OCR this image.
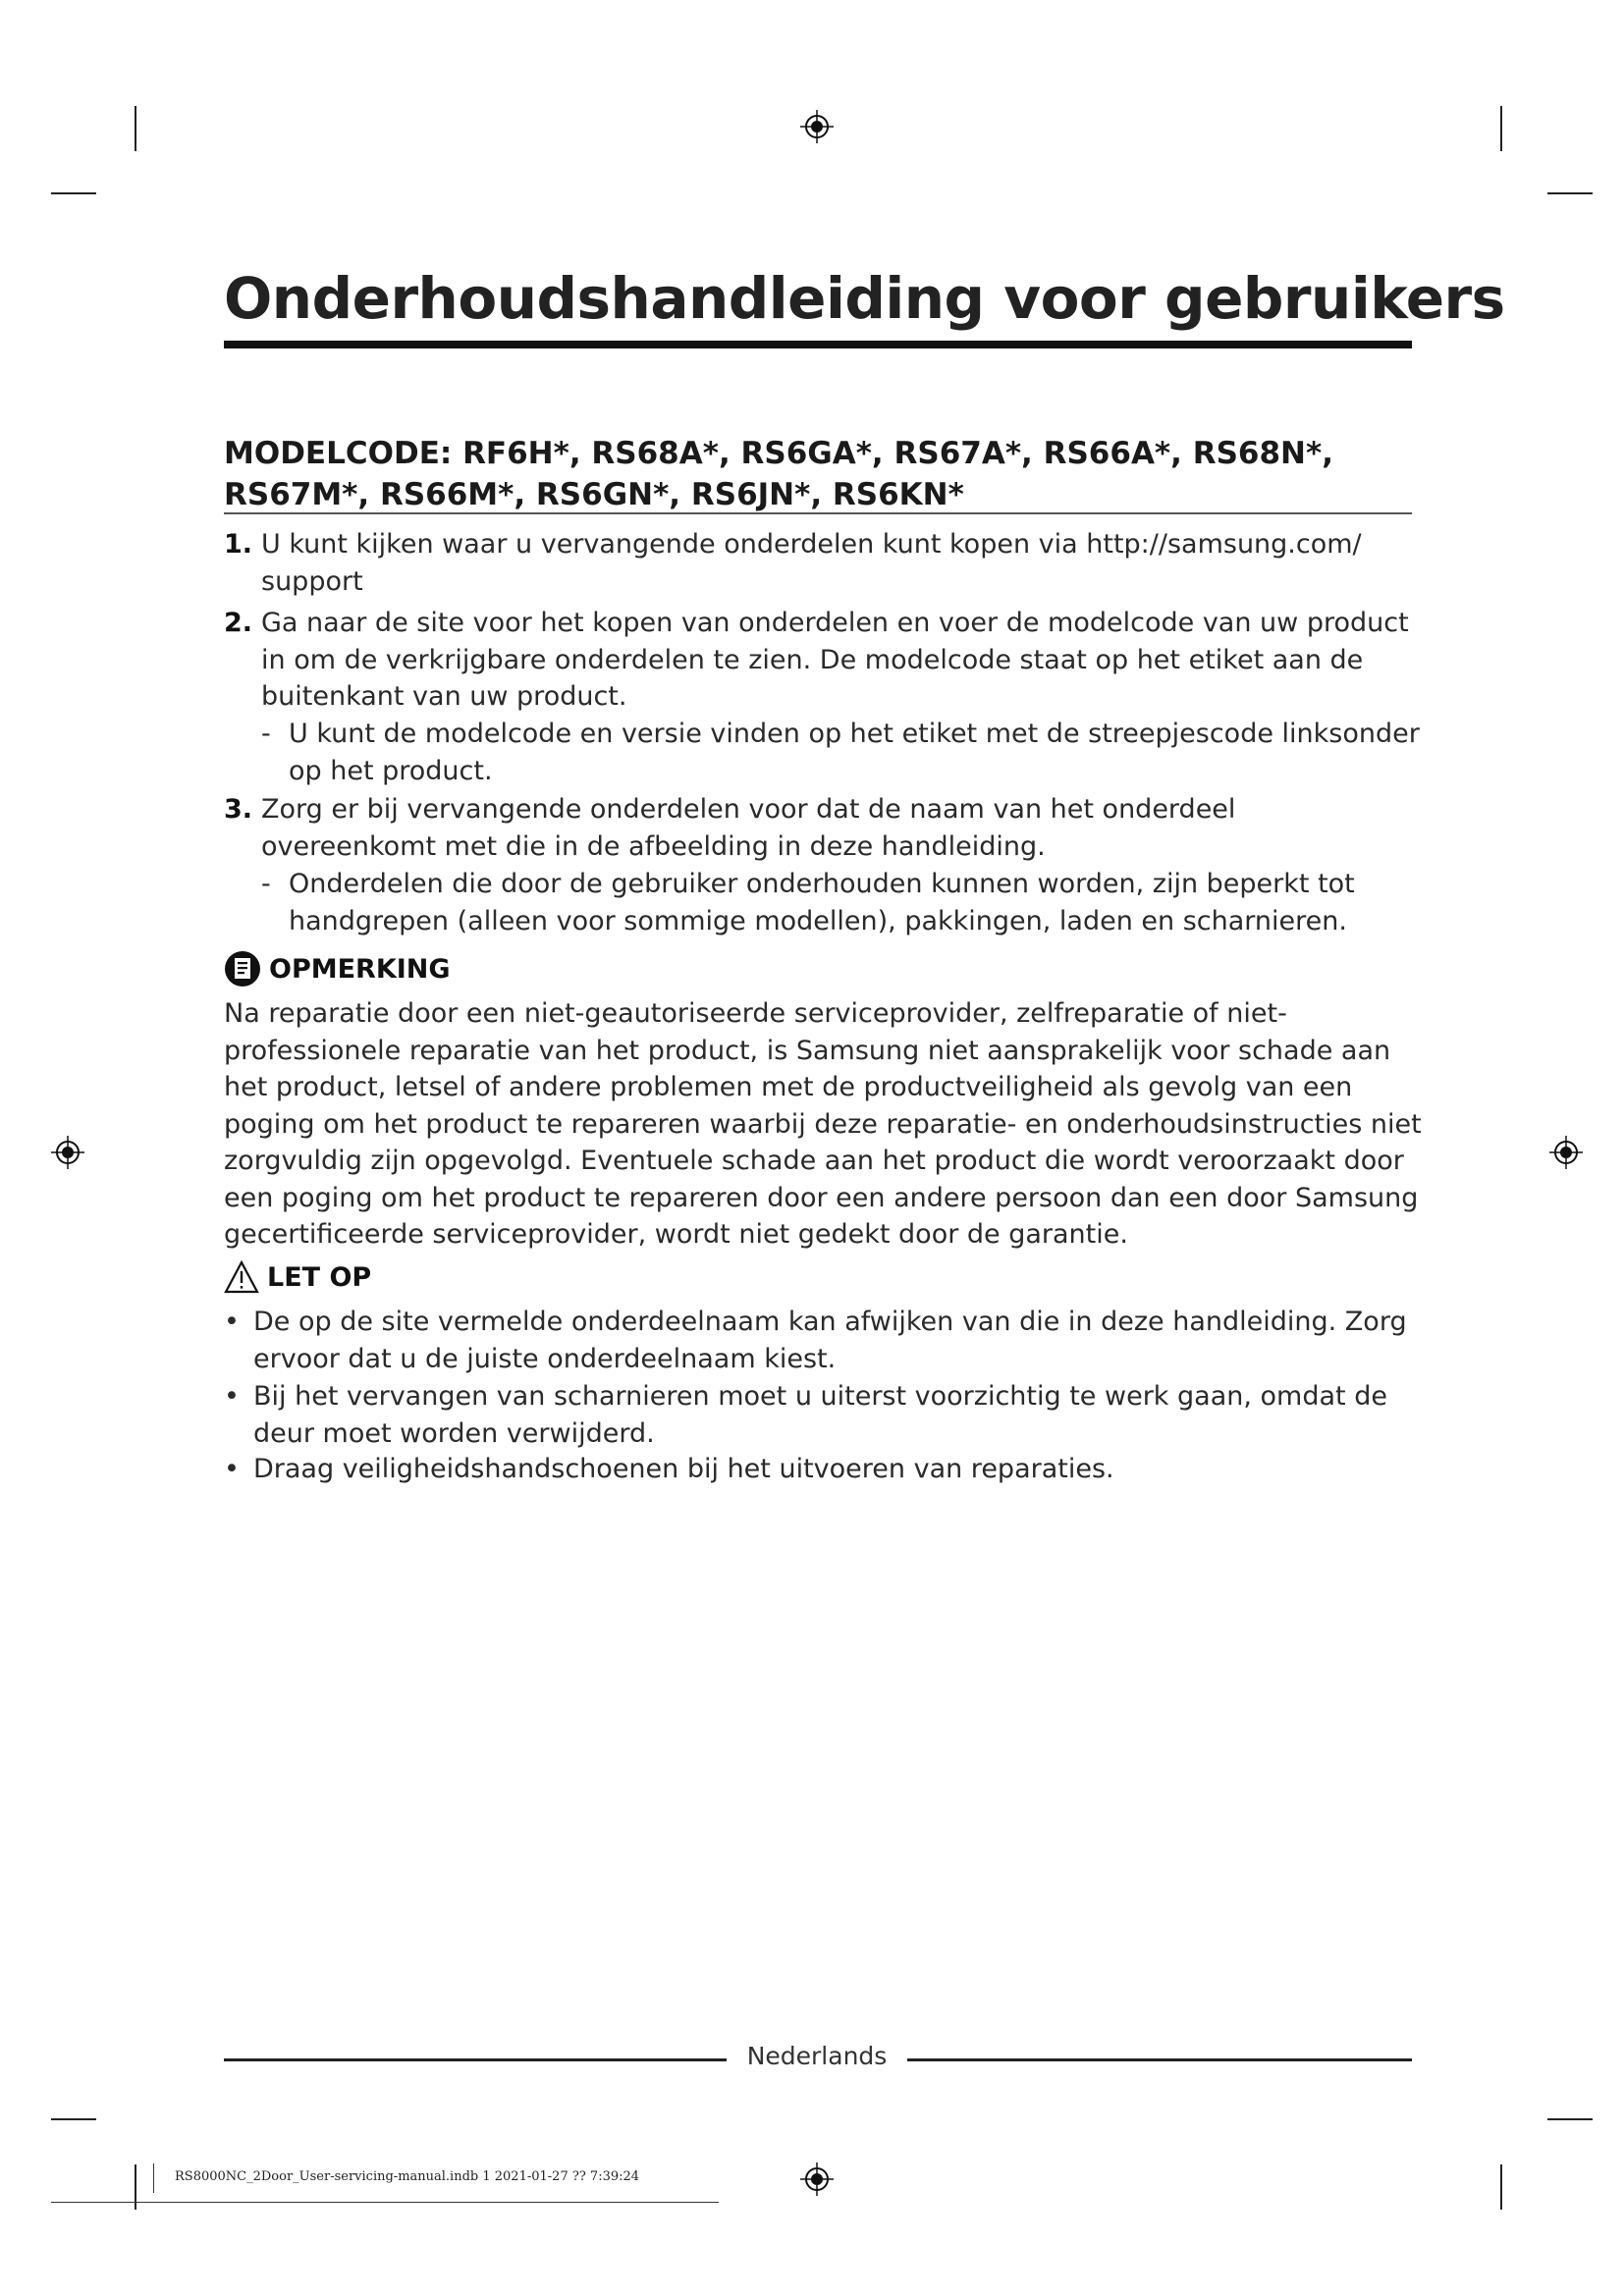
Onderhoudshandleiding voor gebruikers
MODELCODE: RF6H*, RS68A*, RS6GA*, RS67A*, RS66A*, RS68N*, RS67M*, RS66M*, RS6GN*, RS6JN*, RS6KN*
1. U kunt kijken waar u vervangende onderdelen kunt kopen via http://samsung.com/ support
2. Ga naar de site voor het kopen van onderdelen en voer de modelcode van uw product in om de verkrijgbare onderdelen te zien. De modelcode staat op het etiket aan de buitenkant van uw product.
- U kunt de modelcode en versie vinden op het etiket met de streepjescode linksonder op het product.
3. Zorg er bij vervangende onderdelen voor dat de naam van het onderdeel overeenkomt met die in de afbeelding in deze handleiding.
- Onderdelen die door de gebruiker onderhouden kunnen worden, zijn beperkt tot handgrepen (alleen voor sommige modellen), pakkingen, laden en scharnieren.
OPMERKING
Na reparatie door een niet-geautoriseerde serviceprovider, zelfreparatie of niet-professionele reparatie van het product, is Samsung niet aansprakelijk voor schade aan het product, letsel of andere problemen met de productveiligheid als gevolg van een poging om het product te repareren waarbij deze reparatie- en onderhoudsinstructies niet zorgvuldig zijn opgevolgd. Eventuele schade aan het product die wordt veroorzaakt door een poging om het product te repareren door een andere persoon dan een door Samsung gecertificeerde serviceprovider, wordt niet gedekt door de garantie.
LET OP
• De op de site vermelde onderdeelnaam kan afwijken van die in deze handleiding. Zorg ervoor dat u de juiste onderdeelnaam kiest.
• Bij het vervangen van scharnieren moet u uiterst voorzichtig te werk gaan, omdat de deur moet worden verwijderd.
• Draag veiligheidshandschoenen bij het uitvoeren van reparaties.
Nederlands
RS8000NC_2Door_User-servicing-manual.indb 1 2021-01-27 ?? 7:39:24
